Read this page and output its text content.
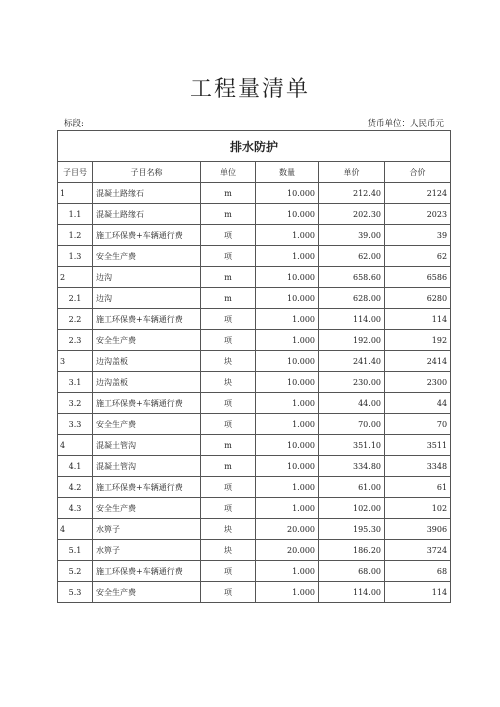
工程量清单
标段:	货币单位：人民币元
排水防护					
子目号	子目名称	单位	数量	单价	合价
1	混凝土路缘石	m	10.000	212.40	2124
1.1	混凝土路缘石	m	10.000	202.30	2023
1.2	施工环保费+车辆通行费	项	1.000	39.00	39
1.3	安全生产费	项	1.000	62.00	62
2	边沟	m	10.000	658.60	6586
2.1	边沟	m	10.000	628.00	6280
2.2	施工环保费+车辆通行费	项	1.000	114.00	114
2.3	安全生产费	项	1.000	192.00	192
3	边沟盖板	块	10.000	241.40	2414
3.1	边沟盖板	块	10.000	230.00	2300
3.2	施工环保费+车辆通行费	项	1.000	44.00	44
3.3	安全生产费	项	1.000	70.00	70
4	混凝土管沟	m	10.000	351.10	3511
4.1	混凝土管沟	m	10.000	334.80	3348
4.2	施工环保费+车辆通行费	项	1.000	61.00	61
4.3	安全生产费	项	1.000	102.00	102
4	水箅子	块	20.000	195.30	3906
5.1	水箅子	块	20.000	186.20	3724
5.2	施工环保费+车辆通行费	项	1.000	68.00	68
5.3	安全生产费	项	1.000	114.00	114
